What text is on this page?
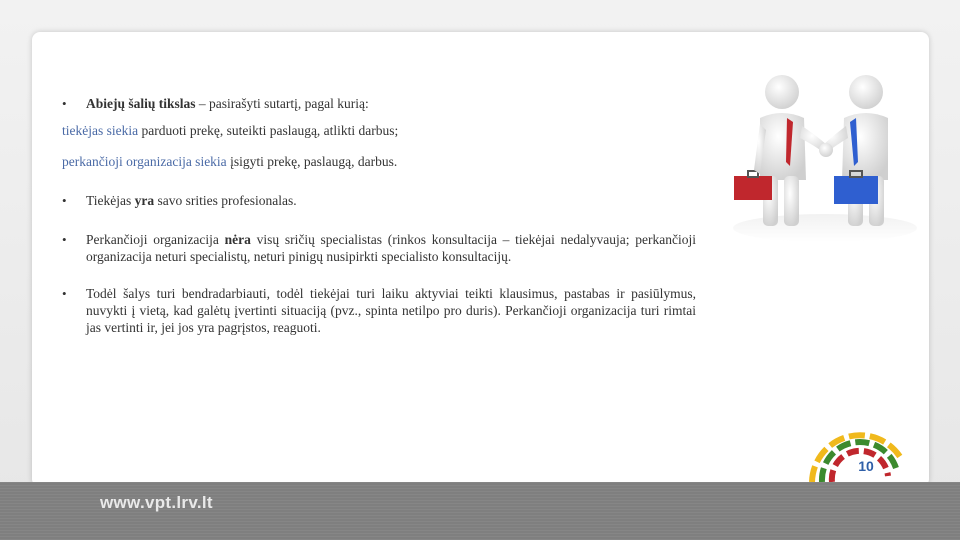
• Abiejų šalių tikslas – pasirašyti sutartį, pagal kurią:
tiekėjas siekia parduoti prekę, suteikti paslaugą, atlikti darbus;
perkančioji organizacija siekia įsigyti prekę, paslaugą, darbus.
• Tiekėjas yra savo srities profesionalas.
• Perkančioji organizacija nėra visų sričių specialistas (rinkos konsultacija – tiekėjai nedalyvauja; perkančioji organizacija neturi specialistų, neturi pinigų nusipirkti specialisto konsultacijų.
• Todėl šalys turi bendradarbiauti, todėl tiekėjai turi laiku aktyviai teikti klausimus, pastabas ir pasiūlymus, nuvykti į vietą, kad galėtų įvertinti situaciją (pvz., spinta netilpo pro duris). Perkančioji organizacija turi rimtai jas vertinti ir, jei jos yra pagrįstos, reaguoti.
10
www.vpt.lrv.lt
